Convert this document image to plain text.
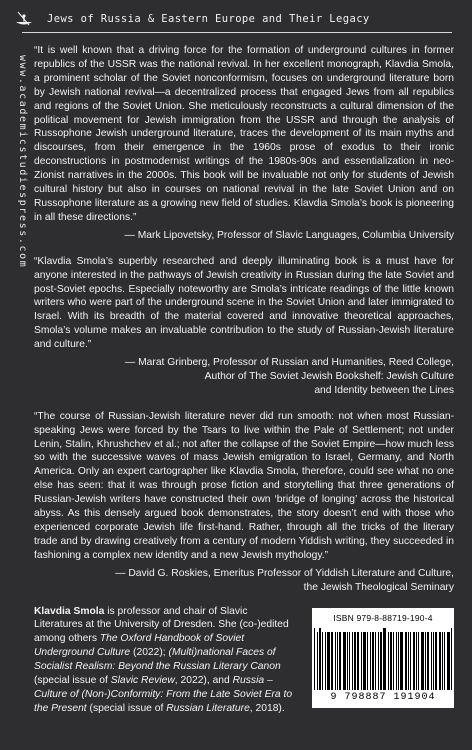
Jews of Russia & Eastern Europe and Their Legacy
www.academicstudiespress.com

“It is well known that a driving force for the formation of underground cultures in former republics of the USSR was the national revival. In her excellent monograph, Klavdia Smola, a prominent scholar of the Soviet nonconformism, focuses on underground literature born by Jewish national revival—a decentralized process that engaged Jews from all republics and regions of the Soviet Union. She meticulously reconstructs a cultural dimension of the political movement for Jewish immigration from the USSR and through the analysis of Russophone Jewish underground literature, traces the development of its main myths and discourses, from their emergence in the 1960s prose of exodus to their ironic deconstructions in postmodernist writings of the 1980s-90s and essentialization in neo-Zionist narratives in the 2000s. This book will be invaluable not only for students of Jewish cultural history but also in courses on national revival in the late Soviet Union and on Russophone literature as a growing new field of studies. Klavdia Smola’s book is pioneering in all these directions.”

— Mark Lipovetsky, Professor of Slavic Languages, Columbia University

“Klavdia Smola’s superbly researched and deeply illuminating book is a must have for anyone interested in the pathways of Jewish creativity in Russian during the late Soviet and post-Soviet epochs. Especially noteworthy are Smola’s intricate readings of the little known writers who were part of the underground scene in the Soviet Union and later immigrated to Israel. With its breadth of the material covered and innovative theoretical approaches, Smola’s volume makes an invaluable contribution to the study of Russian-Jewish literature and culture.”

— Marat Grinberg, Professor of Russian and Humanities, Reed College,
Author of The Soviet Jewish Bookshelf: Jewish Culture
and Identity between the Lines

“The course of Russian-Jewish literature never did run smooth: not when most Russian-speaking Jews were forced by the Tsars to live within the Pale of Settlement; not under Lenin, Stalin, Khrushchev et al.; not after the collapse of the Soviet Empire—how much less so with the successive waves of mass Jewish emigration to Israel, Germany, and North America. Only an expert cartographer like Klavdia Smola, therefore, could see what no one else has seen: that it was through prose fiction and storytelling that three generations of Russian-Jewish writers have constructed their own ‘bridge of longing’ across the historical abyss. As this densely argued book demonstrates, the story doesn’t end with those who experienced corporate Jewish life first-hand. Rather, through all the tricks of the literary trade and by drawing creatively from a century of modern Yiddish writing, they succeeded in fashioning a complex new identity and a new Jewish mythology.”

— David G. Roskies, Emeritus Professor of Yiddish Literature and Culture,
the Jewish Theological Seminary
Klavdia Smola is professor and chair of Slavic Literatures at the University of Dresden. She (co-)edited among others The Oxford Handbook of Soviet Underground Culture (2022); (Multi)national Faces of Socialist Realism: Beyond the Russian Literary Canon (special issue of Slavic Review, 2022), and Russia – Culture of (Non-)Conformity: From the Late Soviet Era to the Present (special issue of Russian Literature, 2018).
ISBN 979-8-88719-190-4
9 798887 191904
